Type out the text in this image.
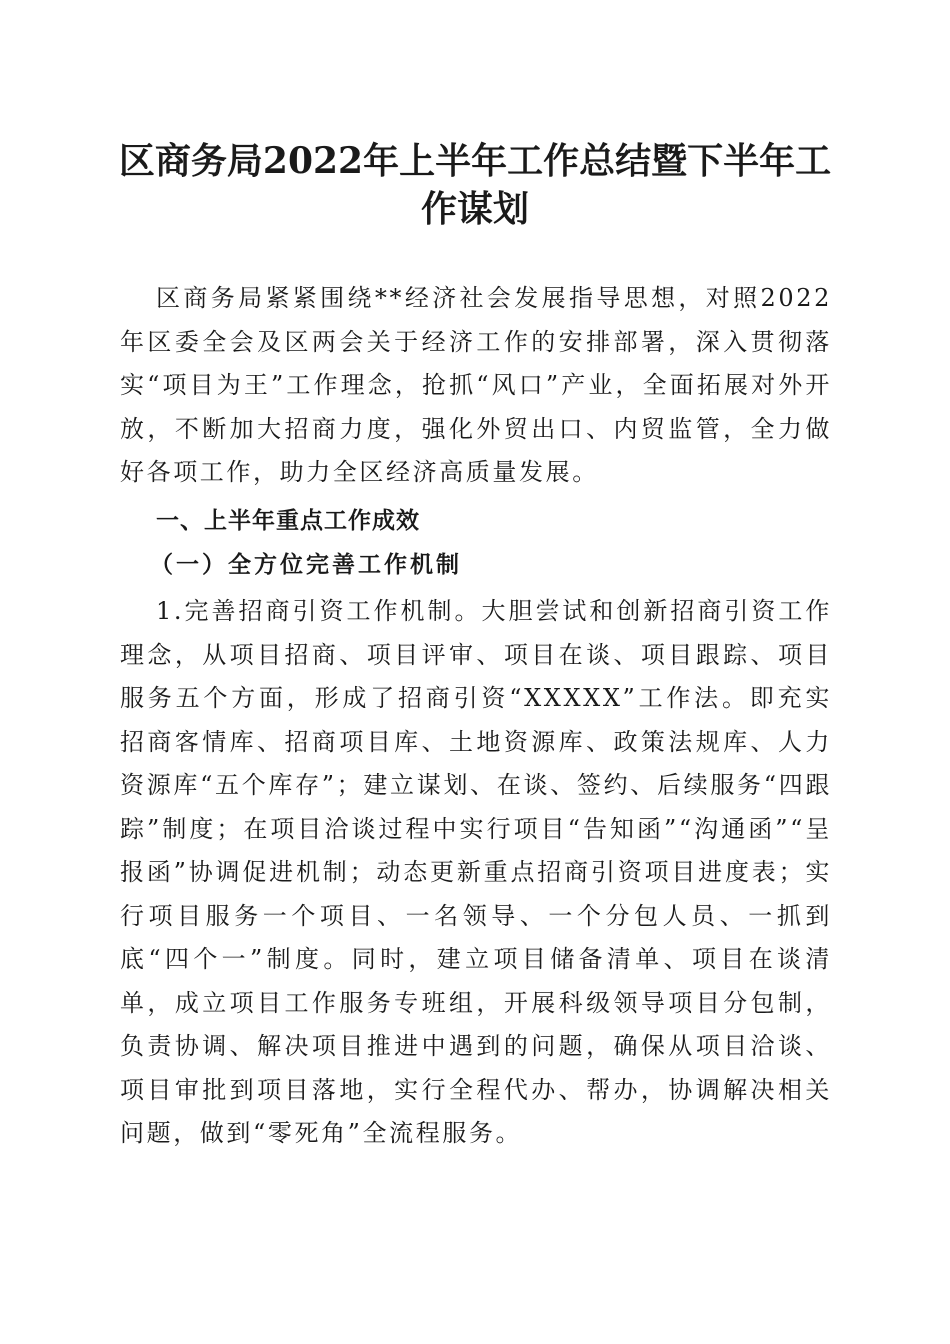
区商务局2022年上半年工作总结暨下半年工作谋划

区商务局紧紧围绕**经济社会发展指导思想，对照2022年区委全会及区两会关于经济工作的安排部署，深入贯彻落实“项目为王”工作理念，抢抓“风口”产业，全面拓展对外开放，不断加大招商力度，强化外贸出口、内贸监管，全力做好各项工作，助力全区经济高质量发展。

一、上半年重点工作成效
（一）全方位完善工作机制

1.完善招商引资工作机制。大胆尝试和创新招商引资工作理念，从项目招商、项目评审、项目在谈、项目跟踪、项目服务五个方面，形成了招商引资“XXXXX”工作法。即充实招商客情库、招商项目库、土地资源库、政策法规库、人力资源库“五个库存”；建立谋划、在谈、签约、后续服务“四跟踪”制度；在项目洽谈过程中实行项目“告知函”“沟通函”“呈报函”协调促进机制；动态更新重点招商引资项目进度表；实行项目服务一个项目、一名领导、一个分包人员、一抓到底“四个一”制度。同时，建立项目储备清单、项目在谈清单，成立项目工作服务专班组，开展科级领导项目分包制，负责协调、解决项目推进中遇到的问题，确保从项目洽谈、项目审批到项目落地，实行全程代办、帮办，协调解决相关问题，做到“零死角”全流程服务。
